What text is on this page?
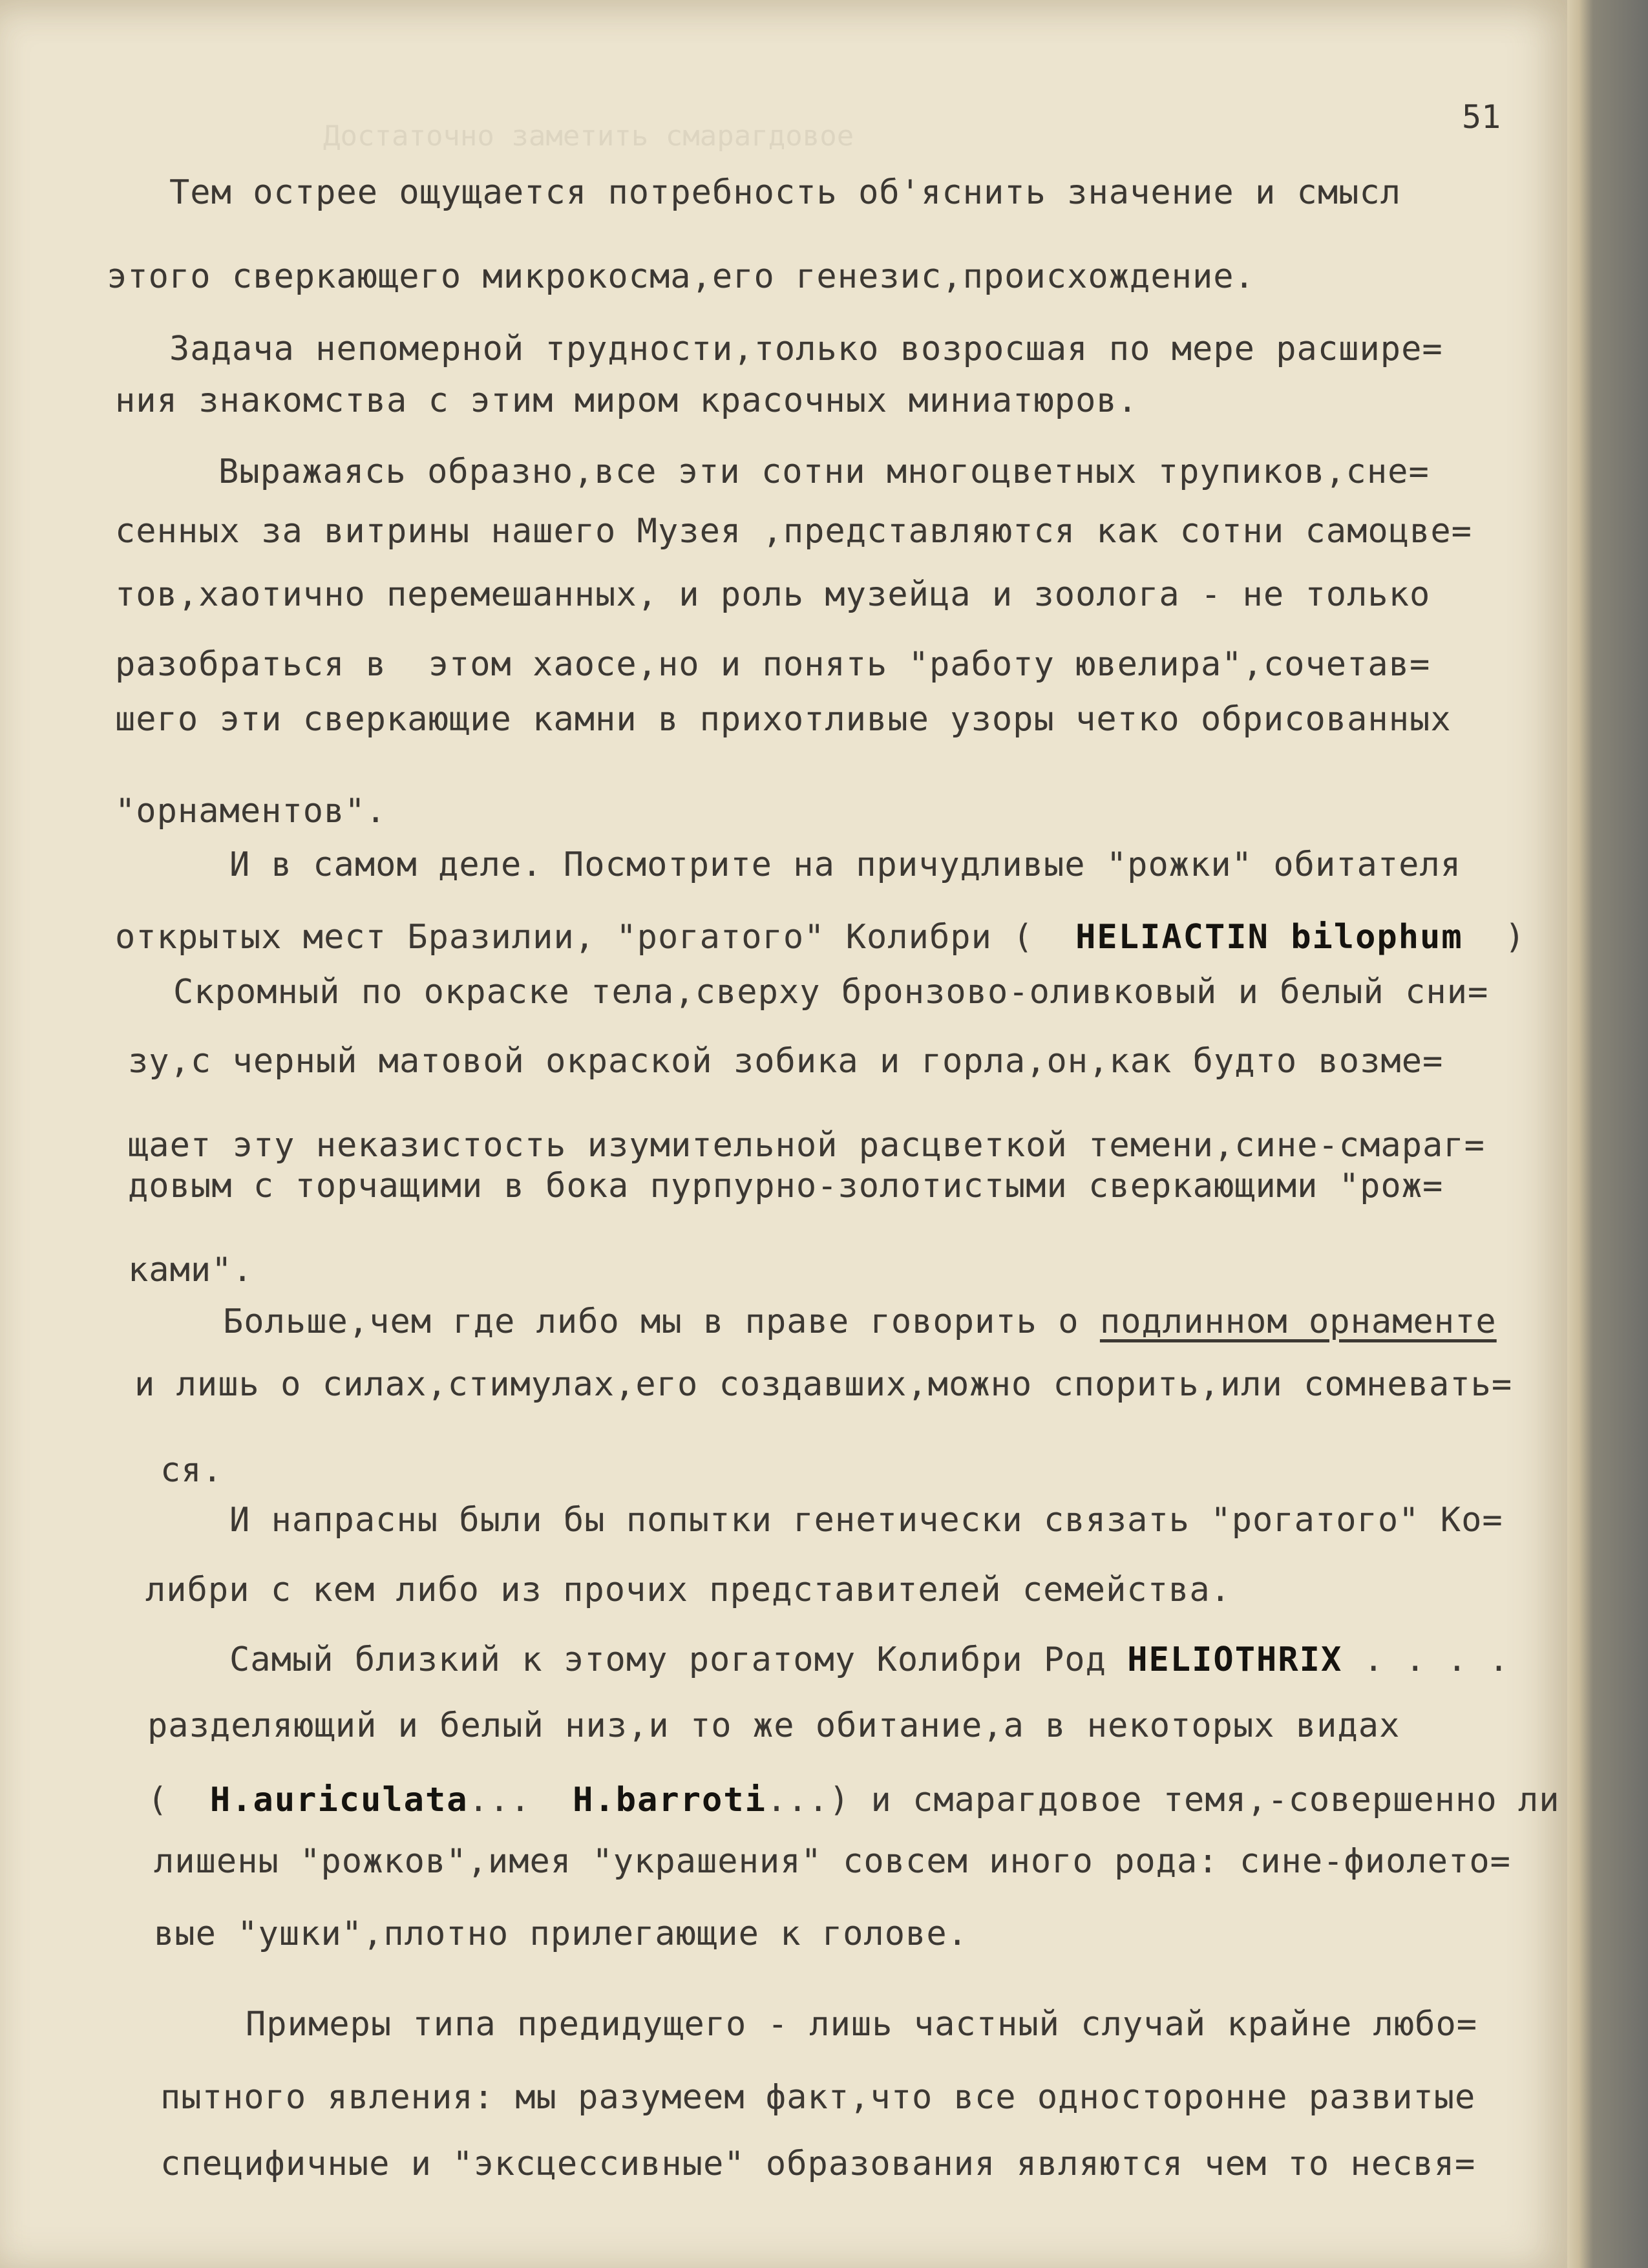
Достаточно заметить смарагдовое
51
Тем острее ощущается потребность об'яснить значение и смысл
этого сверкающего микрокосма,его генезис,происхождение.
Задача непомерной трудности,только возросшая по мере расшире=
ния знакомства с этим миром красочных миниатюров.
Выражаясь образно,все эти сотни многоцветных трупиков,сне=
сенных за витрины нашего Музея ,представляются как сотни самоцве=
тов,хаотично перемешанных, и роль музейца и зоолога - не только
разобраться в  этом хаосе,но и понять "работу ювелира",сочетав=
шего эти сверкающие камни в прихотливые узоры четко обрисованных
"орнаментов".
И в самом деле. Посмотрите на причудливые "рожки" обитателя
открытых мест Бразилии, "рогатого" Колибри ( HELIACTIN bilophum )
Скромный по окраске тела,сверху бронзово-оливковый и белый сни=
зу,с черный матовой окраской зобика и горла,он,как будто возме=
щает эту неказистость изумительной расцветкой темени,сине-смараг=
довым с торчащими в бока пурпурно-золотистыми сверкающими "рож=
ками".
Больше,чем где либо мы в праве говорить о подлинном орнаменте
и лишь о силах,стимулах,его создавших,можно спорить,или сомневать=
ся.
И напрасны были бы попытки генетически связать "рогатого" Ко=
либри с кем либо из прочих представителей семейства.
Самый близкий к этому рогатому Колибри Род HELIOTHRIX . . . .
разделяющий и белый низ,и то же обитание,а в некоторых видах
(  H.auriculata...  H.barroti...) и смарагдовое темя,-совершенно ли
лишены "рожков",имея "украшения" совсем иного рода: сине-фиолето=
вые "ушки",плотно прилегающие к голове.
Примеры типа предидущего - лишь частный случай крайне любо=
пытного явления: мы разумеем факт,что все односторонне развитые
специфичные и "эксцессивные" образования являются чем то несвя=
